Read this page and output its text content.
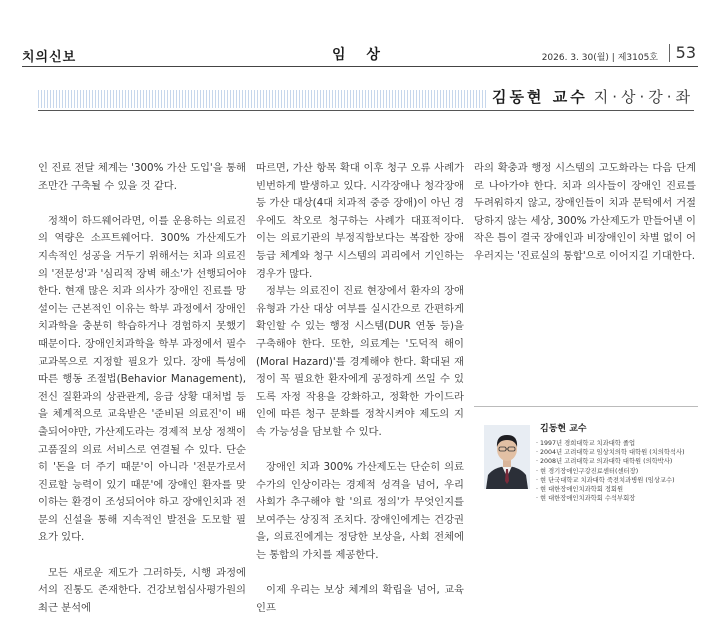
치의신보	임 상	2026. 3. 30(월) | 제3105호	53
김동현 교수 지·상·강·좌

인 진료 전달 체계는 '300% 가산 도입'을 통해 조만간 구축될 수 있을 것 같다.

정책이 하드웨어라면, 이를 운용하는 의료진의 역량은 소프트웨어다. 300% 가산제도가 지속적인 성공을 거두기 위해서는 치과 의료진의 '전문성'과 '심리적 장벽 해소'가 선행되어야 한다. 현재 많은 치과 의사가 장애인 진료를 망설이는 근본적인 이유는 학부 과정에서 장애인 치과학을 충분히 학습하거나 경험하지 못했기 때문이다. 장애인치과학을 학부 과정에서 필수 교과목으로 지정할 필요가 있다. 장애 특성에 따른 행동 조절법(Behavior Management), 전신 질환과의 상관관계, 응급 상황 대처법 등을 체계적으로 교육받은 '준비된 의료진'이 배출되어야만, 가산제도라는 경제적 보상 정책이 고품질의 의료 서비스로 연결될 수 있다. 단순히 '돈을 더 주기 때문'이 아니라 '전문가로서 진료할 능력이 있기 때문'에 장애인 환자를 맞이하는 환경이 조성되어야 하고 장애인치과 전문의 신설을 통해 지속적인 발전을 도모할 필요가 있다.

모든 새로운 제도가 그러하듯, 시행 과정에서의 진통도 존재한다. 건강보험심사평가원의 최근 분석에

따르면, 가산 항목 확대 이후 청구 오류 사례가 빈번하게 발생하고 있다. 시각장애나 청각장애 등 가산 대상(4대 치과적 중증 장애)이 아닌 경우에도 착오로 청구하는 사례가 대표적이다. 이는 의료기관의 부정직함보다는 복잡한 장애 등급 체계와 청구 시스템의 괴리에서 기인하는 경우가 많다.

정부는 의료진이 진료 현장에서 환자의 장애 유형과 가산 대상 여부를 실시간으로 간편하게 확인할 수 있는 행정 시스템(DUR 연동 등)을 구축해야 한다. 또한, 의료계는 '도덕적 해이(Moral Hazard)'를 경계해야 한다. 확대된 재정이 꼭 필요한 환자에게 공정하게 쓰일 수 있도록 자정 작용을 강화하고, 정확한 가이드라인에 따른 청구 문화를 정착시켜야 제도의 지속 가능성을 담보할 수 있다.

장애인 치과 300% 가산제도는 단순히 의료 수가의 인상이라는 경제적 성격을 넘어, 우리 사회가 추구해야 할 '의료 정의'가 무엇인지를 보여주는 상징적 조치다. 장애인에게는 건강권을, 의료진에게는 정당한 보상을, 사회 전체에는 통합의 가치를 제공한다.

이제 우리는 보상 체계의 확립을 넘어, 교육 인프

라의 확충과 행정 시스템의 고도화라는 다음 단계로 나아가야 한다. 치과 의사들이 장애인 진료를 두려워하지 않고, 장애인들이 치과 문턱에서 거절당하지 않는 세상, 300% 가산제도가 만들어낸 이 작은 틈이 결국 장애인과 비장애인이 차별 없이 어우러지는 '진료실의 통합'으로 이어지길 기대한다.

김동현 교수
· 1997년 경희대학교 치과대학 졸업
· 2004년 고려대학교 임상치의학 대학원 (치의학석사)
· 2008년 고려대학교 의과대학 대학원 (의학박사)
· 현 경기장애인구강진료센터(센터장)
· 현 단국대학교 치과대학 죽전치과병원 (임상교수)
· 현 대한장애인치과학회 정회원
· 현 대한장애인치과학회 수석부회장
